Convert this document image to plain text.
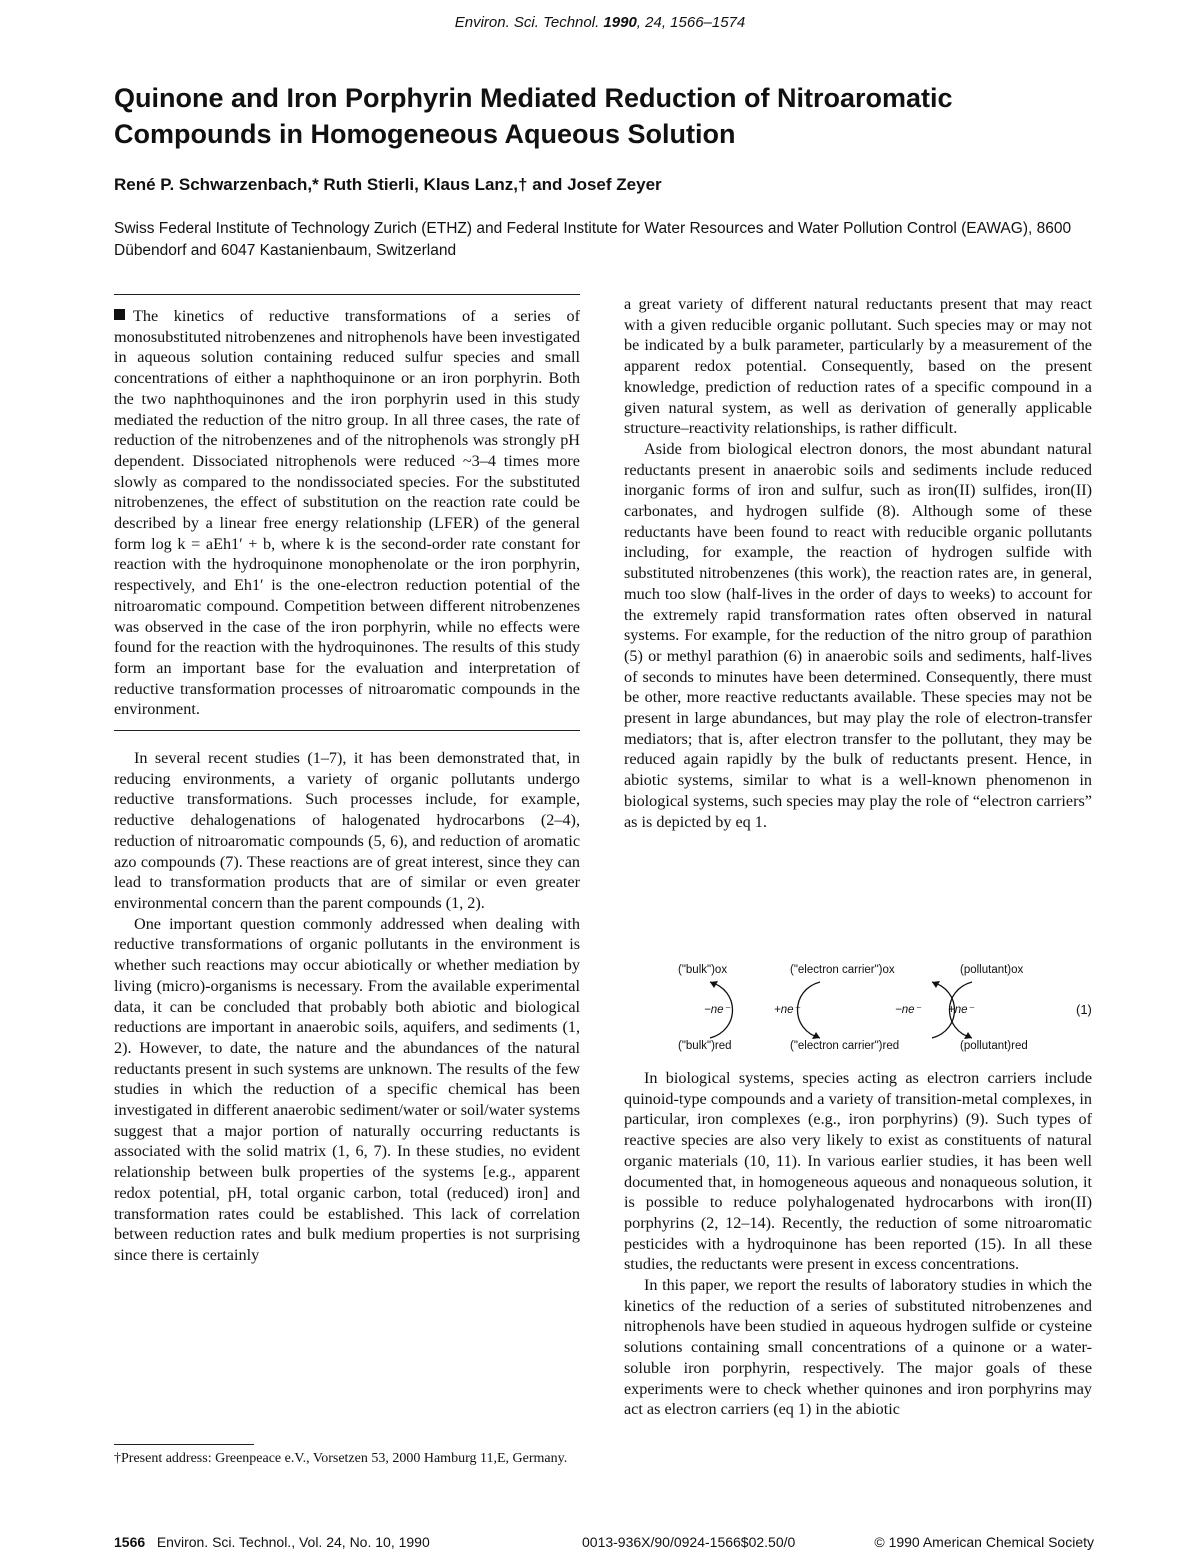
Environ. Sci. Technol. 1990, 24, 1566–1574
Quinone and Iron Porphyrin Mediated Reduction of Nitroaromatic Compounds in Homogeneous Aqueous Solution
René P. Schwarzenbach,* Ruth Stierli, Klaus Lanz,† and Josef Zeyer
Swiss Federal Institute of Technology Zurich (ETHZ) and Federal Institute for Water Resources and Water Pollution Control (EAWAG), 8600 Dübendorf and 6047 Kastanienbaum, Switzerland

The kinetics of reductive transformations of a series of monosubstituted nitrobenzenes and nitrophenols have been investigated in aqueous solution containing reduced sulfur species and small concentrations of either a naphthoquinone or an iron porphyrin. Both the two naphthoquinones and the iron porphyrin used in this study mediated the reduction of the nitro group. In all three cases, the rate of reduction of the nitrobenzenes and of the nitrophenols was strongly pH dependent. Dissociated nitrophenols were reduced ~3–4 times more slowly as compared to the nondissociated species. For the substituted nitrobenzenes, the effect of substitution on the reaction rate could be described by a linear free energy relationship (LFER) of the general form log k = aEh1′ + b, where k is the second-order rate constant for reaction with the hydroquinone monophenolate or the iron porphyrin, respectively, and Eh1′ is the one-electron reduction potential of the nitroaromatic compound. Competition between different nitrobenzenes was observed in the case of the iron porphyrin, while no effects were found for the reaction with the hydroquinones. The results of this study form an important base for the evaluation and interpretation of reductive transformation processes of nitroaromatic compounds in the environment.

In several recent studies (1–7), it has been demonstrated that, in reducing environments, a variety of organic pollutants undergo reductive transformations. Such processes include, for example, reductive dehalogenations of halogenated hydrocarbons (2–4), reduction of nitroaromatic compounds (5, 6), and reduction of aromatic azo compounds (7). These reactions are of great interest, since they can lead to transformation products that are of similar or even greater environmental concern than the parent compounds (1, 2).

One important question commonly addressed when dealing with reductive transformations of organic pollutants in the environment is whether such reactions may occur abiotically or whether mediation by living (micro)-organisms is necessary. From the available experimental data, it can be concluded that probably both abiotic and biological reductions are important in anaerobic soils, aquifers, and sediments (1, 2). However, to date, the nature and the abundances of the natural reductants present in such systems are unknown. The results of the few studies in which the reduction of a specific chemical has been investigated in different anaerobic sediment/water or soil/water systems suggest that a major portion of naturally occurring reductants is associated with the solid matrix (1, 6, 7). In these studies, no evident relationship between bulk properties of the systems [e.g., apparent redox potential, pH, total organic carbon, total (reduced) iron] and transformation rates could be established. This lack of correlation between reduction rates and bulk medium properties is not surprising since there is certainly

a great variety of different natural reductants present that may react with a given reducible organic pollutant. Such species may or may not be indicated by a bulk parameter, particularly by a measurement of the apparent redox potential. Consequently, based on the present knowledge, prediction of reduction rates of a specific compound in a given natural system, as well as derivation of generally applicable structure–reactivity relationships, is rather difficult.

Aside from biological electron donors, the most abundant natural reductants present in anaerobic soils and sediments include reduced inorganic forms of iron and sulfur, such as iron(II) sulfides, iron(II) carbonates, and hydrogen sulfide (8). Although some of these reductants have been found to react with reducible organic pollutants including, for example, the reaction of hydrogen sulfide with substituted nitrobenzenes (this work), the reaction rates are, in general, much too slow (half-lives in the order of days to weeks) to account for the extremely rapid transformation rates often observed in natural systems. For example, for the reduction of the nitro group of parathion (5) or methyl parathion (6) in anaerobic soils and sediments, half-lives of seconds to minutes have been determined. Consequently, there must be other, more reactive reductants available. These species may not be present in large abundances, but may play the role of electron-transfer mediators; that is, after electron transfer to the pollutant, they may be reduced again rapidly by the bulk of reductants present. Hence, in abiotic systems, similar to what is a well-known phenomenon in biological systems, such species may play the role of “electron carriers” as is depicted by eq 1.

("bulk")ox	("electron carrier")ox	(pollutant)ox
−ne⁻	+ne⁻	−ne⁻ +ne⁻	(1)
("bulk")red	("electron carrier")red	(pollutant)red

In biological systems, species acting as electron carriers include quinoid-type compounds and a variety of transition-metal complexes, in particular, iron complexes (e.g., iron porphyrins) (9). Such types of reactive species are also very likely to exist as constituents of natural organic materials (10, 11). In various earlier studies, it has been well documented that, in homogeneous aqueous and nonaqueous solution, it is possible to reduce polyhalogenated hydrocarbons with iron(II) porphyrins (2, 12–14). Recently, the reduction of some nitroaromatic pesticides with a hydroquinone has been reported (15). In all these studies, the reductants were present in excess concentrations.

In this paper, we report the results of laboratory studies in which the kinetics of the reduction of a series of substituted nitrobenzenes and nitrophenols have been studied in aqueous hydrogen sulfide or cysteine solutions containing small concentrations of a quinone or a water-soluble iron porphyrin, respectively. The major goals of these experiments were to check whether quinones and iron porphyrins may act as electron carriers (eq 1) in the abiotic

†Present address: Greenpeace e.V., Vorsetzen 53, 2000 Hamburg 11,E, Germany.
1566 Environ. Sci. Technol., Vol. 24, No. 10, 1990	0013-936X/90/0924-1566$02.50/0	© 1990 American Chemical Society
